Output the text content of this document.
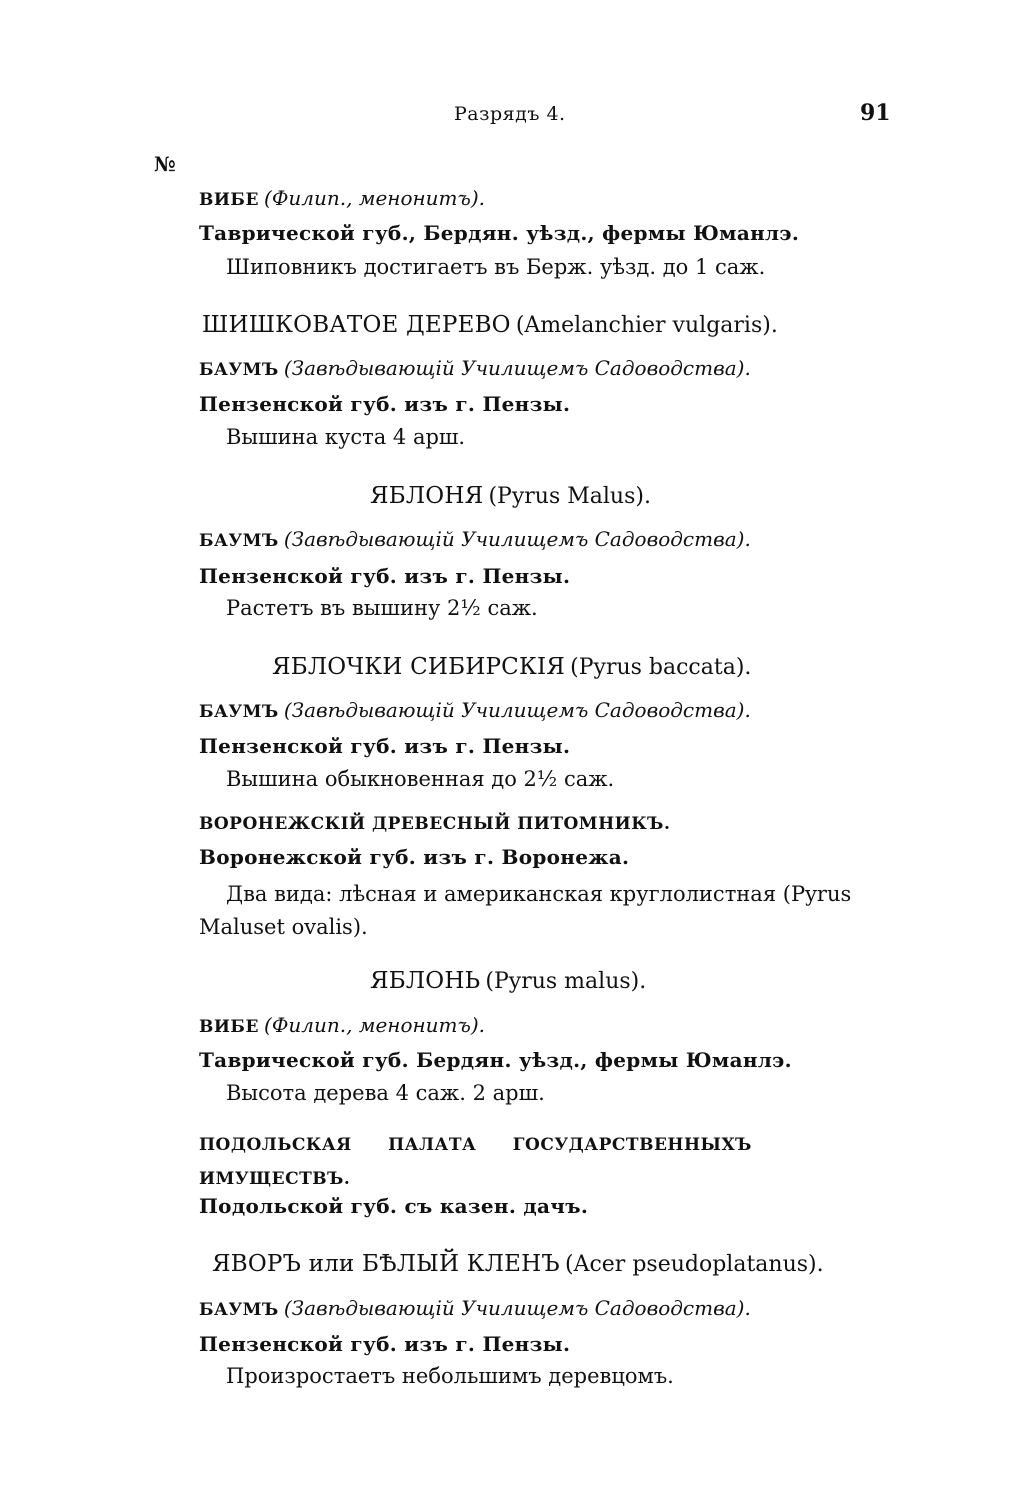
Разрядъ 4.	91
№
ВИБЕ (Филип., менонитъ).
Таврической губ., Бердян. уѣзд., фермы Юманлэ.
Шиповникъ достигаетъ въ Берж. уѣзд. до 1 саж.
ШИШКОВАТОЕ ДЕРЕВО (Amelanchier vulgaris).
БАУМЪ (Завѣдывающій Училищемъ Садоводства).
Пензенской губ. изъ г. Пензы.
Вышина куста 4 арш.
ЯБЛОНЯ (Pyrus Malus).
БАУМЪ (Завѣдывающій Училищемъ Садоводства).
Пензенской губ. изъ г. Пензы.
Растетъ въ вышину 2½ саж.
ЯБЛОЧКИ СИБИРСКІЯ (Pyrus baccata).
БАУМЪ (Завѣдывающій Училищемъ Садоводства).
Пензенской губ. изъ г. Пензы.
Вышина обыкновенная до 2½ саж.
ВОРОНЕЖСКІЙ ДРЕВЕСНЫЙ ПИТОМНИКЪ.
Воронежской губ. изъ г. Воронежа.
Два вида: лѣсная и американская круглолистная (Pyrus Maluset ovalis).
ЯБЛОНЬ (Pyrus malus).
ВИБЕ (Филип., менонитъ).
Таврической губ. Бердян. уѣзд., фермы Юманлэ.
Высота дерева 4 саж. 2 арш.
ПОДОЛЬСКАЯ ПАЛАТА ГОСУДАРСТВЕННЫХЪ ИМУЩЕСТВЪ.
Подольской губ. съ казен. дачъ.
ЯВОРЪ или БѢЛЫЙ КЛЕНЪ (Acer pseudoplatanus).
БАУМЪ (Завѣдывающій Училищемъ Садоводства).
Пензенской губ. изъ г. Пензы.
Произростаетъ небольшимъ деревцомъ.
